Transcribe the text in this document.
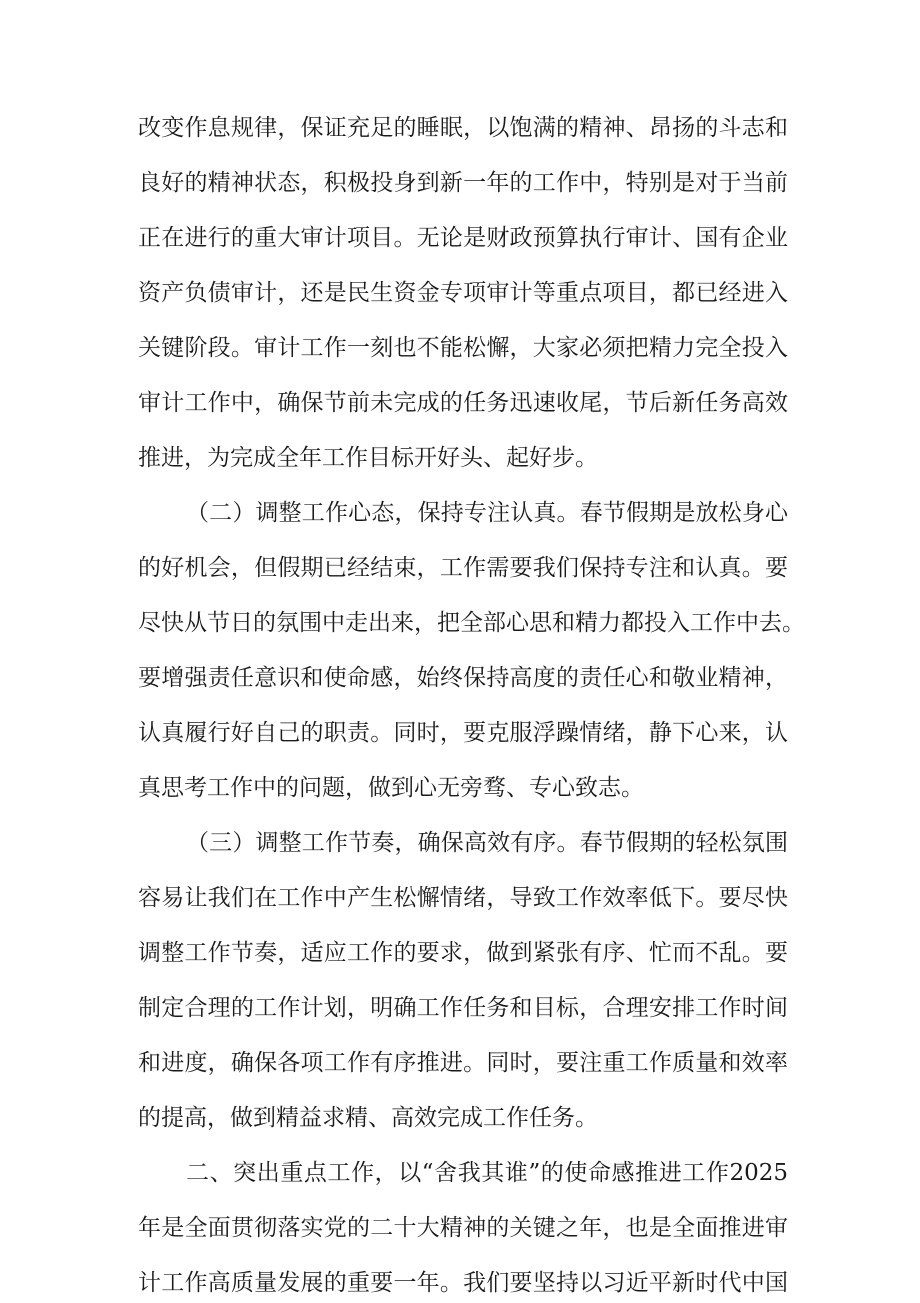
改变作息规律，保证充足的睡眠，以饱满的精神、昂扬的斗志和
良好的精神状态，积极投身到新一年的工作中，特别是对于当前
正在进行的重大审计项目。无论是财政预算执行审计、国有企业
资产负债审计，还是民生资金专项审计等重点项目，都已经进入
关键阶段。审计工作一刻也不能松懈，大家必须把精力完全投入
审计工作中，确保节前未完成的任务迅速收尾，节后新任务高效
推进，为完成全年工作目标开好头、起好步。
（二）调整工作心态，保持专注认真。春节假期是放松身心
的好机会，但假期已经结束，工作需要我们保持专注和认真。要
尽快从节日的氛围中走出来，把全部心思和精力都投入工作中去。
要增强责任意识和使命感，始终保持高度的责任心和敬业精神，
认真履行好自己的职责。同时，要克服浮躁情绪，静下心来，认
真思考工作中的问题，做到心无旁骛、专心致志。
（三）调整工作节奏，确保高效有序。春节假期的轻松氛围
容易让我们在工作中产生松懈情绪，导致工作效率低下。要尽快
调整工作节奏，适应工作的要求，做到紧张有序、忙而不乱。要
制定合理的工作计划，明确工作任务和目标，合理安排工作时间
和进度，确保各项工作有序推进。同时，要注重工作质量和效率
的提高，做到精益求精、高效完成工作任务。
二、突出重点工作，以“舍我其谁”的使命感推进工作2025
年是全面贯彻落实党的二十大精神的关键之年，也是全面推进审
计工作高质量发展的重要一年。我们要坚持以习近平新时代中国
